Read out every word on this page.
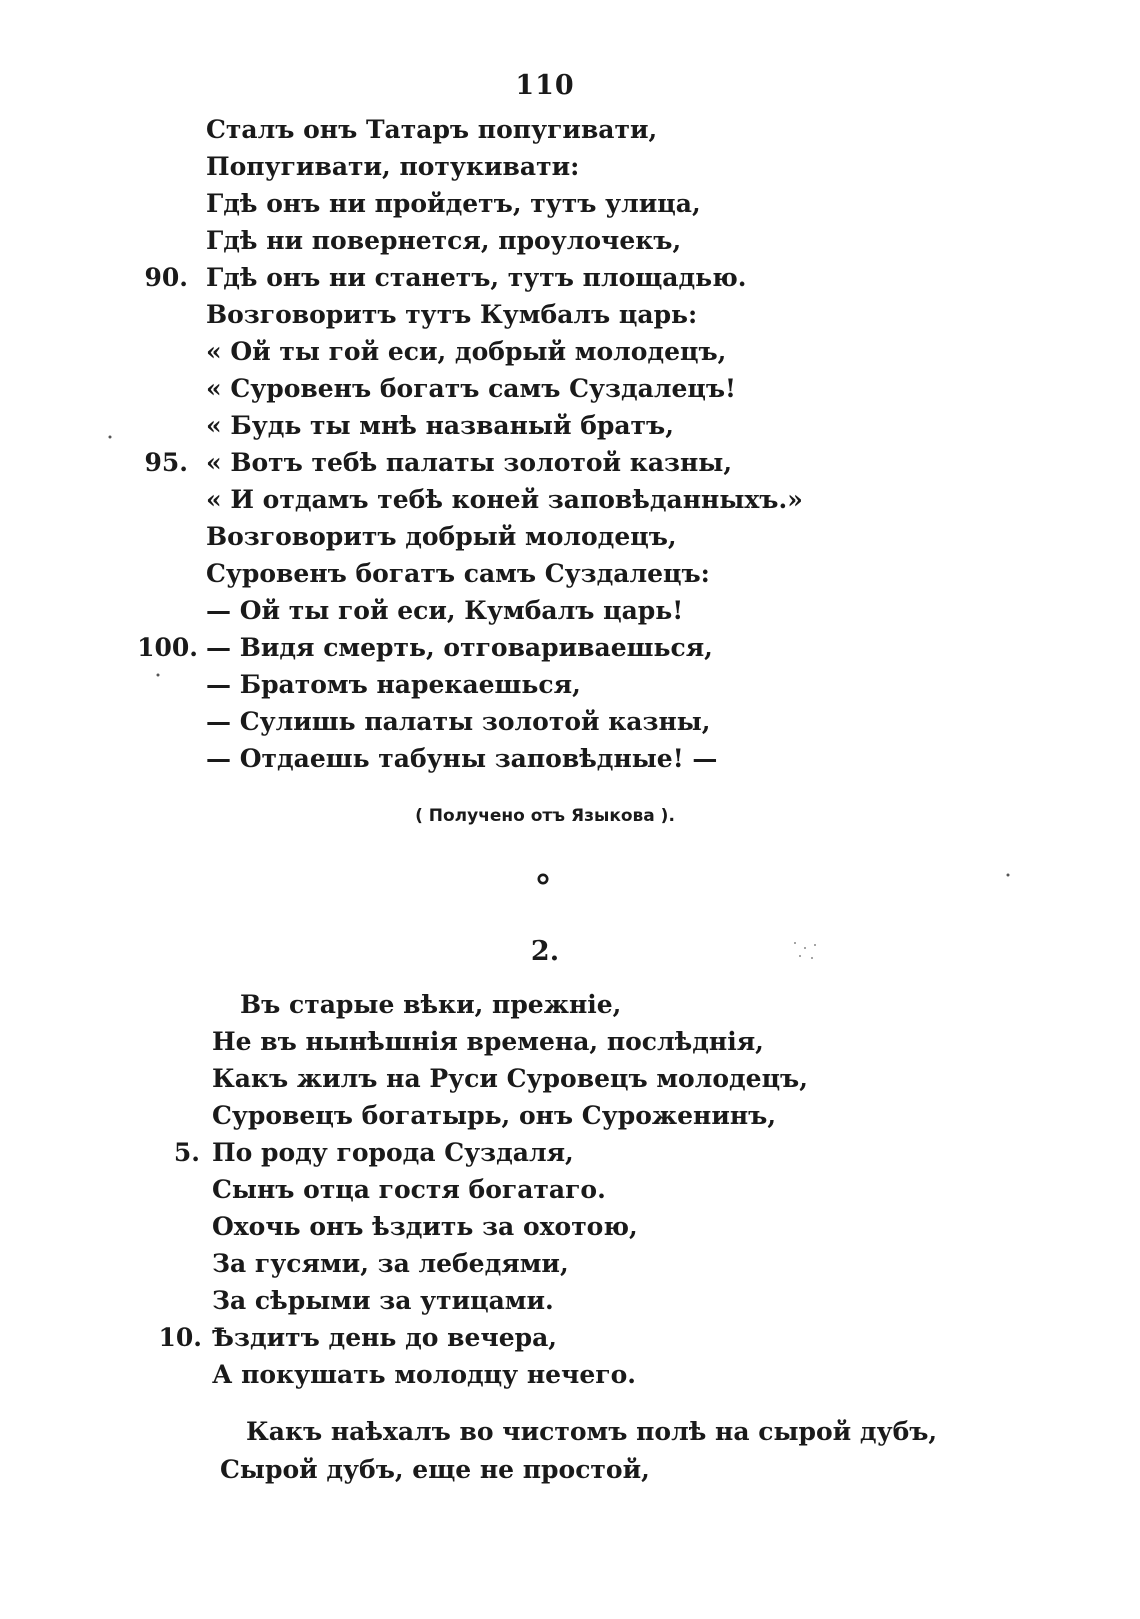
110
Сталъ онъ Татаръ попугивати,
Попугивати, потукивати:
Гдѣ онъ ни пройдетъ, тутъ улица,
Гдѣ ни повернется, проулочекъ,
90. Гдѣ онъ ни станетъ, тутъ площадью.
Возговоритъ тутъ Кумбалъ царь:
« Ой ты гой еси, добрый молодецъ,
« Суровенъ богатъ самъ Суздалецъ!
« Будь ты мнѣ названый братъ,
95. « Вотъ тебѣ палаты золотой казны,
« И отдамъ тебѣ коней заповѣданныхъ.»
Возговоритъ добрый молодецъ,
Суровенъ богатъ самъ Суздалецъ:
— Ой ты гой еси, Кумбалъ царь!
100. — Видя смерть, отговариваешься,
— Братомъ нарекаешься,
— Сулишь палаты золотой казны,
— Отдаешь табуны заповѣдные! —
( Получено отъ Языкова ).
2.
Въ старые вѣки, прежніе,
Не въ нынѣшнія времена, послѣднія,
Какъ жилъ на Руси Суровецъ молодецъ,
Суровецъ богатырь, онъ Суроженинъ,
5. По роду города Суздаля,
Сынъ отца гостя богатаго.
Охочь онъ ѣздить за охотою,
За гусями, за лебедями,
За сѣрыми за утицами.
10. Ѣздитъ день до вечера,
А покушать молодцу нечего.
Какъ наѣхалъ во чистомъ полѣ на сырой дубъ,
Сырой дубъ, еще не простой,
